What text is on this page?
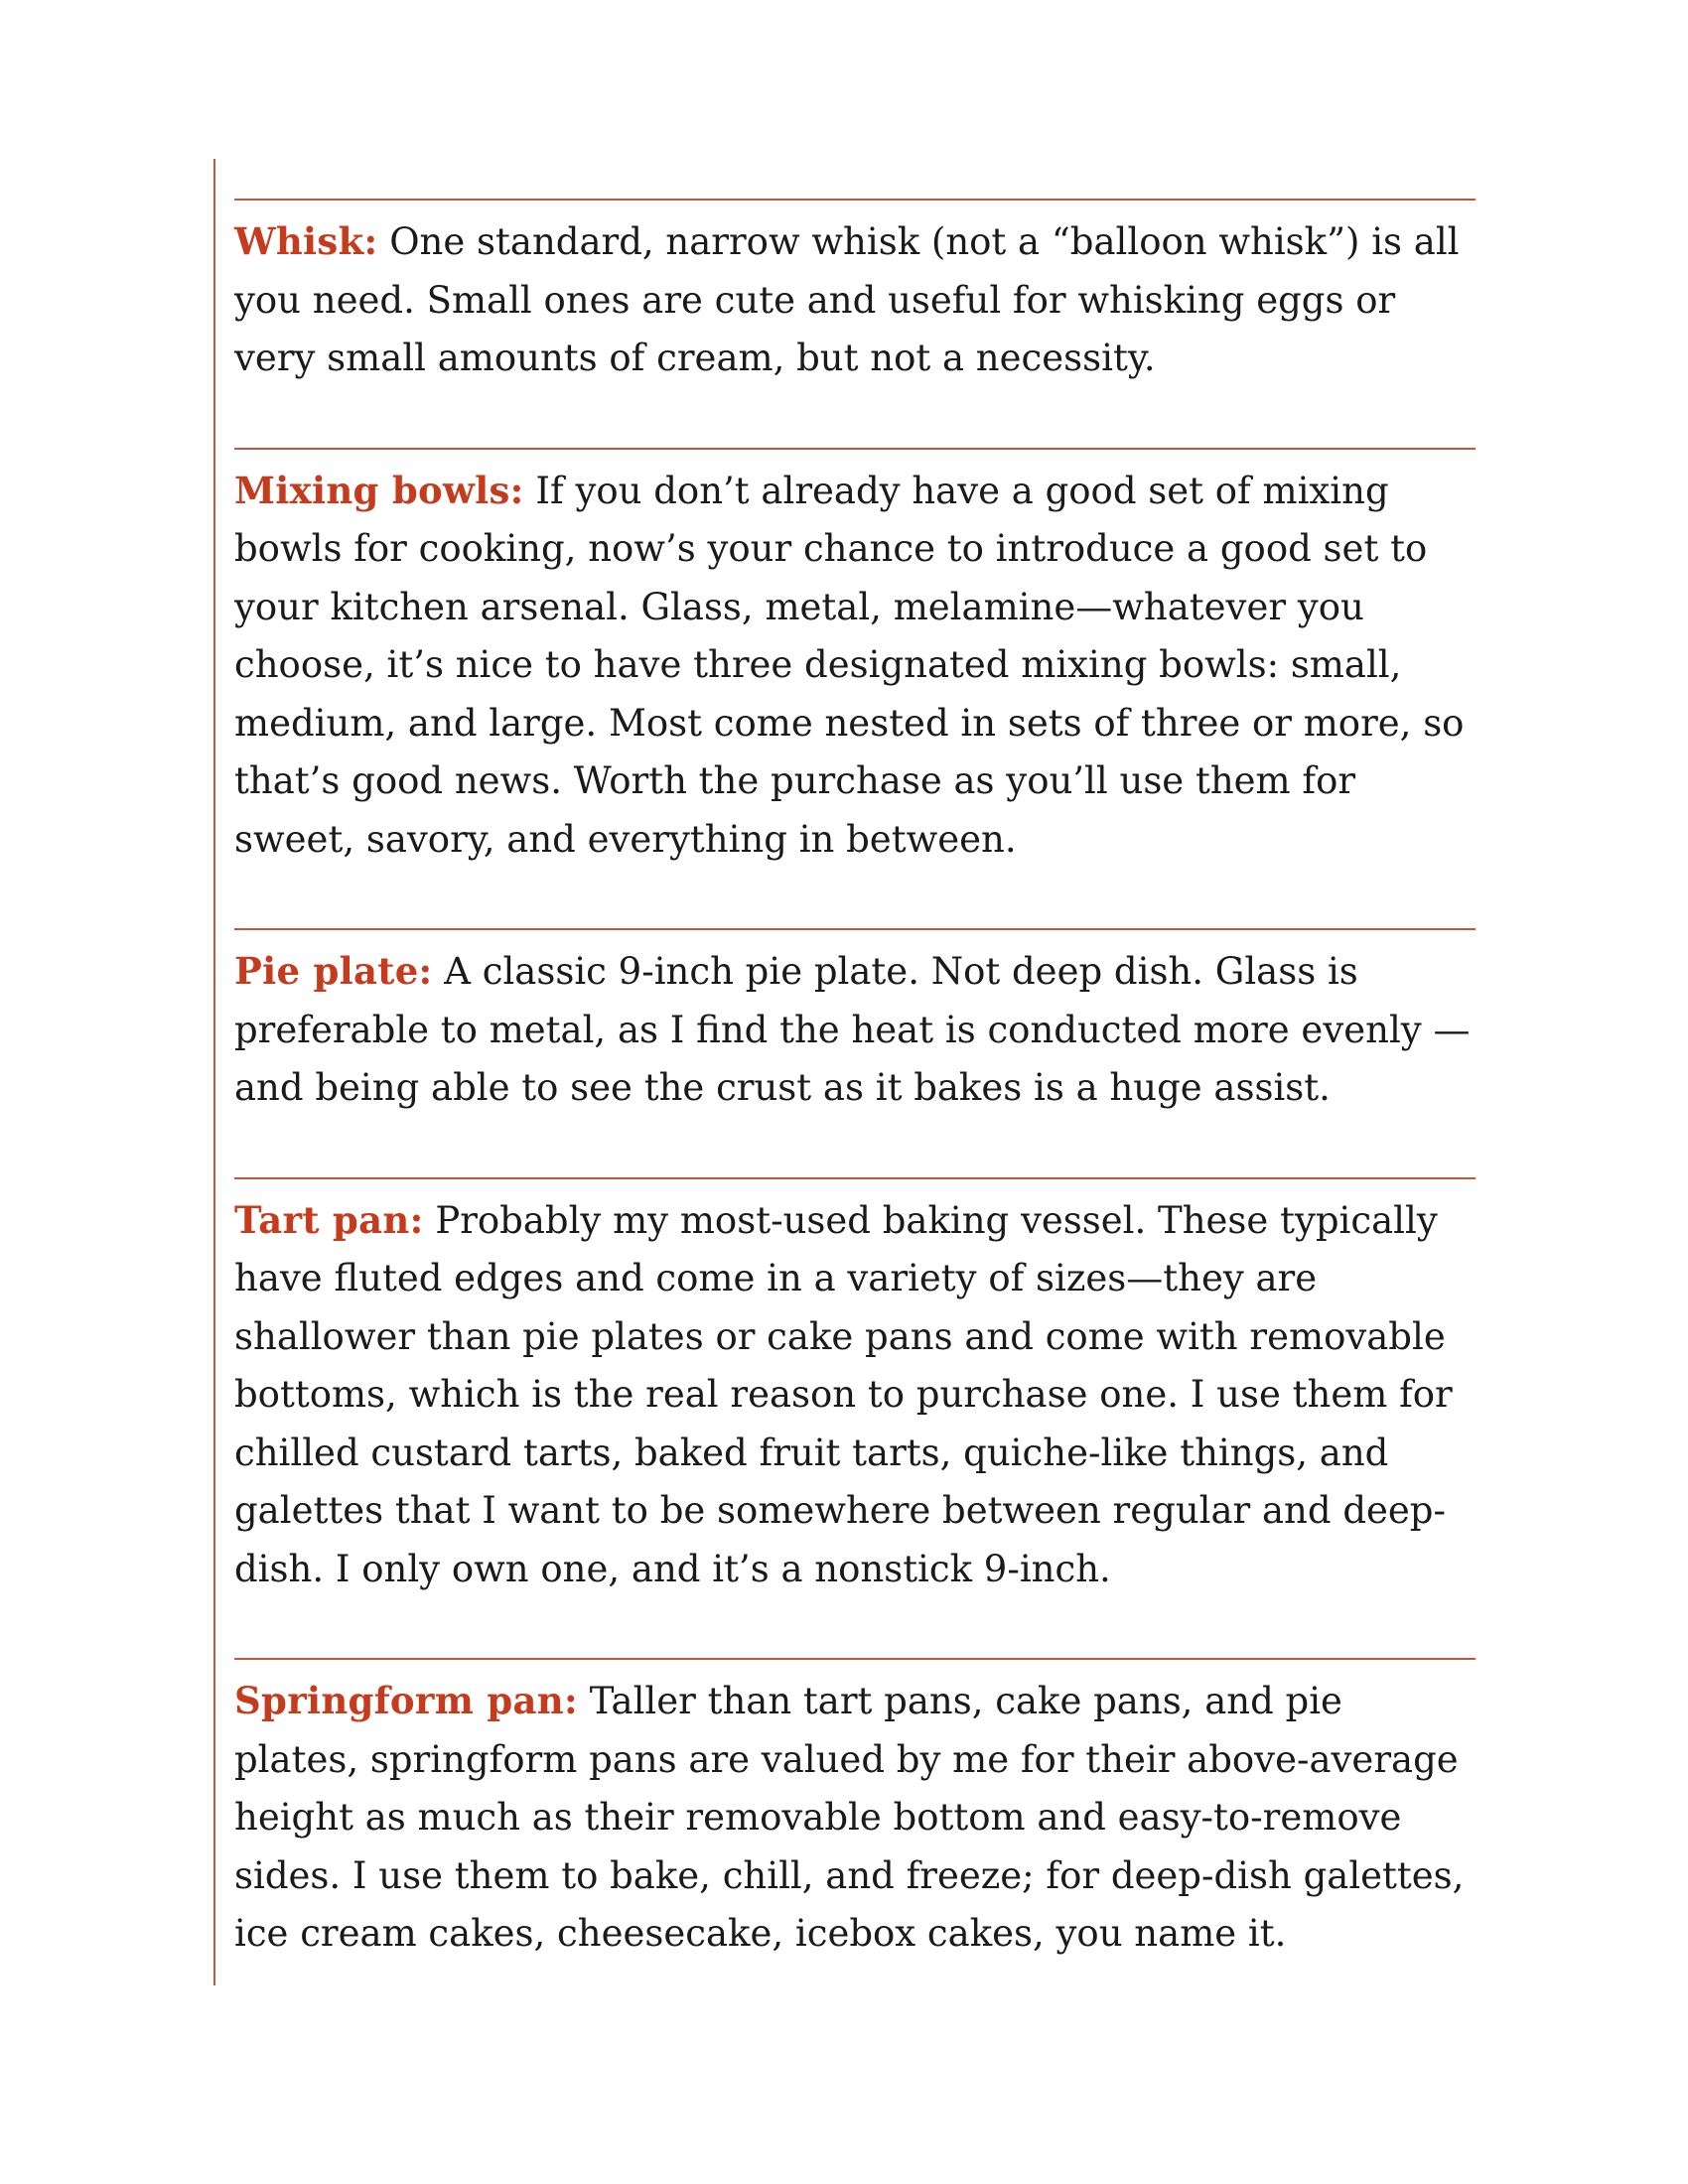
Whisk: One standard, narrow whisk (not a “balloon whisk”) is all you need. Small ones are cute and useful for whisking eggs or very small amounts of cream, but not a necessity.
Mixing bowls: If you don’t already have a good set of mixing bowls for cooking, now’s your chance to introduce a good set to your kitchen arsenal. Glass, metal, melamine—whatever you choose, it’s nice to have three designated mixing bowls: small, medium, and large. Most come nested in sets of three or more, so that’s good news. Worth the purchase as you’ll use them for sweet, savory, and everything in between.
Pie plate: A classic 9-inch pie plate. Not deep dish. Glass is preferable to metal, as I find the heat is conducted more evenly —and being able to see the crust as it bakes is a huge assist.
Tart pan: Probably my most-used baking vessel. These typically have fluted edges and come in a variety of sizes—they are shallower than pie plates or cake pans and come with removable bottoms, which is the real reason to purchase one. I use them for chilled custard tarts, baked fruit tarts, quiche-like things, and galettes that I want to be somewhere between regular and deep-dish. I only own one, and it’s a nonstick 9-inch.
Springform pan: Taller than tart pans, cake pans, and pie plates, springform pans are valued by me for their above-average height as much as their removable bottom and easy-to-remove sides. I use them to bake, chill, and freeze; for deep-dish galettes, ice cream cakes, cheesecake, icebox cakes, you name it.
